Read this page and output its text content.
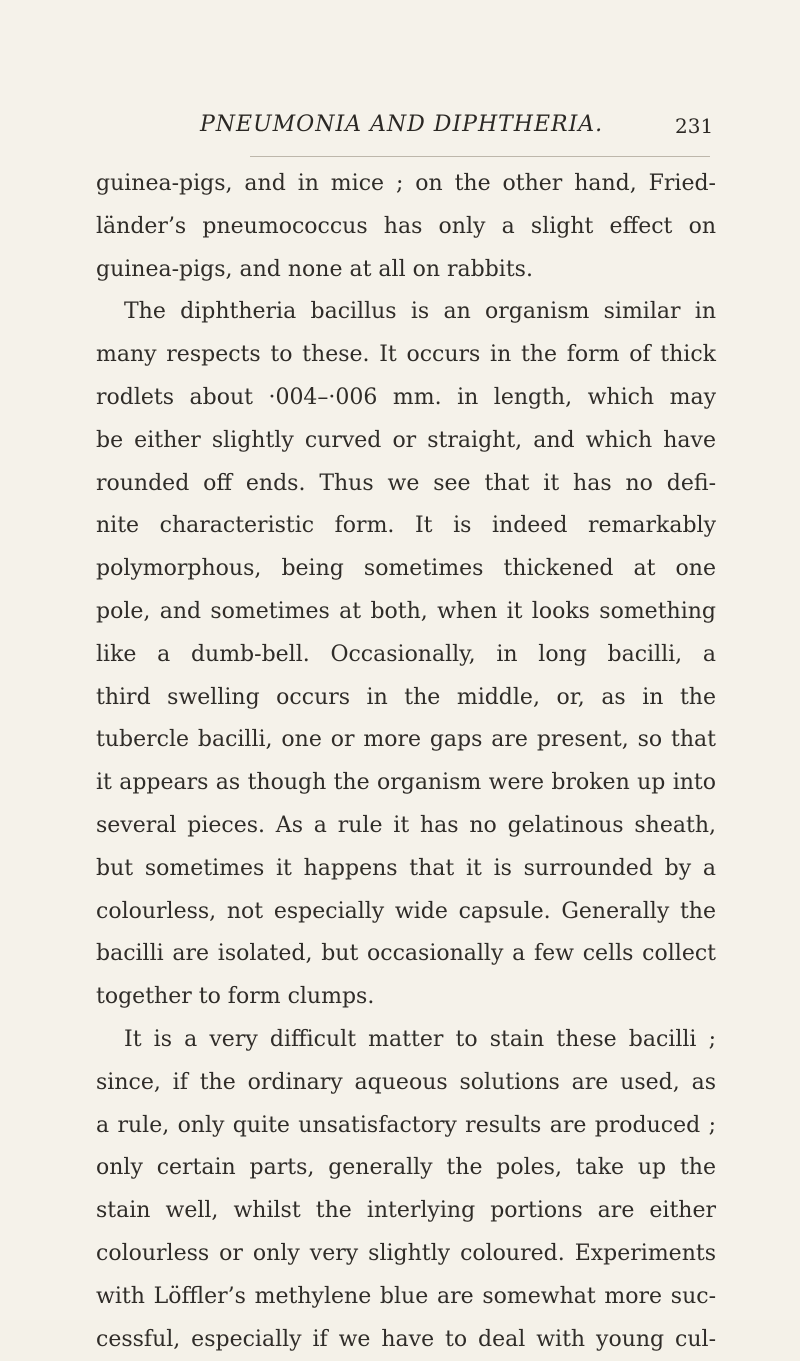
PNEUMONIA AND DIPHTHERIA.	231
guinea-pigs, and in mice ; on the other hand, Fried-
länder’s pneumococcus has only a slight effect on
guinea-pigs, and none at all on rabbits.
The diphtheria bacillus is an organism similar in
many respects to these. It occurs in the form of thick
rodlets about ·004–·006 mm. in length, which may
be either slightly curved or straight, and which have
rounded off ends. Thus we see that it has no defi-
nite characteristic form. It is indeed remarkably
polymorphous, being sometimes thickened at one
pole, and sometimes at both, when it looks something
like a dumb-bell. Occasionally, in long bacilli, a
third swelling occurs in the middle, or, as in the
tubercle bacilli, one or more gaps are present, so that
it appears as though the organism were broken up into
several pieces. As a rule it has no gelatinous sheath,
but sometimes it happens that it is surrounded by a
colourless, not especially wide capsule. Generally the
bacilli are isolated, but occasionally a few cells collect
together to form clumps.
It is a very difficult matter to stain these bacilli ;
since, if the ordinary aqueous solutions are used, as
a rule, only quite unsatisfactory results are produced ;
only certain parts, generally the poles, take up the
stain well, whilst the interlying portions are either
colourless or only very slightly coloured. Experiments
with Löffler’s methylene blue are somewhat more suc-
cessful, especially if we have to deal with young cul-
